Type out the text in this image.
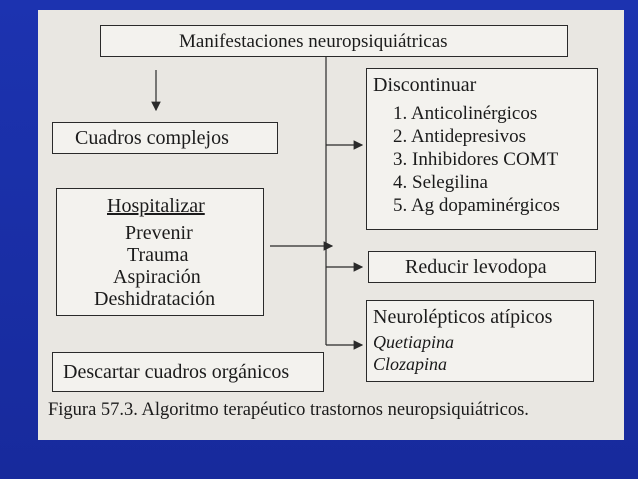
Manifestaciones neuropsiquiátricas
Cuadros complejos
Hospitalizar
Prevenir
Trauma
Aspiración
Deshidratación
Descartar cuadros orgánicos
Discontinuar
1. Anticolinérgicos
2. Antidepresivos
3. Inhibidores COMT
4. Selegilina
5. Ag dopaminérgicos
Reducir levodopa
Neurolépticos atípicos
Quetiapina
Clozapina
Figura 57.3. Algoritmo terapéutico trastornos neuropsiquiátricos.
